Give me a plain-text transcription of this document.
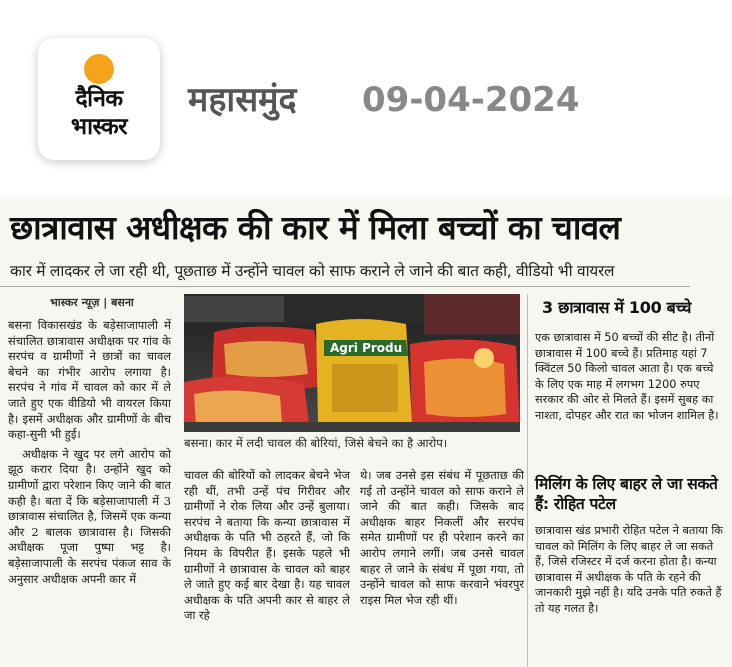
दैनिक
भास्कर
महासमुंद 09-04-2024
छात्रावास अधीक्षक की कार में मिला बच्चों का चावल
कार में लादकर ले जा रही थी, पूछताछ में उन्होंने चावल को साफ कराने ले जाने की बात कही, वीडियो भी वायरल
भास्कर न्यूज़ | बसना

बसना विकासखंड के बड़ेसाजापाली में संचालित छात्रावास अधीक्षक पर गांव के सरपंच व ग्रामीणों ने छात्रों का चावल बेचने का गंभीर आरोप लगाया है। सरपंच ने गांव में चावल को कार में ले जाते हुए एक वीडियो भी वायरल किया है। इसमें अधीक्षक और ग्रामीणों के बीच कहा-सुनी भी हुई।

अधीक्षक ने खुद पर लगे आरोप को झूठ करार दिया है। उन्होंने खुद को ग्रामीणों द्वारा परेशान किए जाने की बात कही है। बता दें कि बड़ेसाजापाली में 3 छात्रावास संचालित है, जिसमें एक कन्या और 2 बालक छात्रावास है। जिसकी अधीक्षक पूजा पुष्पा भट्ट है। बड़ेसाजापाली के सरपंच पंकज साव के अनुसार अधीक्षक अपनी कार में

Agri Produ
बसना। कार में लदी चावल की बोरियां, जिसे बेचने का है आरोप।
चावल की बोरियों को लादकर बेचने भेज रही थीं, तभी उन्हें पंच गिरीवर और ग्रामीणों ने रोक लिया और उन्हें बुलाया। सरपंच ने बताया कि कन्या छात्रावास में अधीक्षक के पति भी ठहरते हैं, जो कि नियम के विपरीत हैं। इसके पहले भी ग्रामीणों ने छात्रावास के चावल को बाहर ले जाते हुए कई बार देखा है। यह चावल अधीक्षक के पति अपनी कार से बाहर ले जा रहे
थे। जब उनसे इस संबंध में पूछताछ की गई तो उन्होंने चावल को साफ कराने ले जाने की बात कही। जिसके बाद अधीक्षक बाहर निकलीं और सरपंच समेत ग्रामीणों पर ही परेशान करने का आरोप लगाने लगीं। जब उनसे चावल बाहर ले जाने के संबंध में पूछा गया, तो उन्होंने चावल को साफ करवाने भंवरपुर राइस मिल भेज रही थीं।
3 छात्रावास में 100 बच्चे
एक छात्रावास में 50 बच्चों की सीट है। तीनों छात्रावास में 100 बच्चे हैं। प्रतिमाह यहां 7 क्विंटल 50 किलो चावल आता है। एक बच्चे के लिए एक माह में लगभग 1200 रुपए सरकार की ओर से मिलते हैं। इसमें सुबह का नाश्ता, दोपहर और रात का भोजन शामिल है।
मिलिंग के लिए बाहर ले जा सकते हैं: रोहित पटेल
छात्रावास खंड प्रभारी रोहित पटेल ने बताया कि चावल को मिलिंग के लिए बाहर ले जा सकते हैं, जिसे रजिस्टर में दर्ज करना होता है। कन्या छात्रावास में अधीक्षक के पति के रहने की जानकारी मुझे नहीं है। यदि उनके पति रुकते हैं तो यह गलत है।
